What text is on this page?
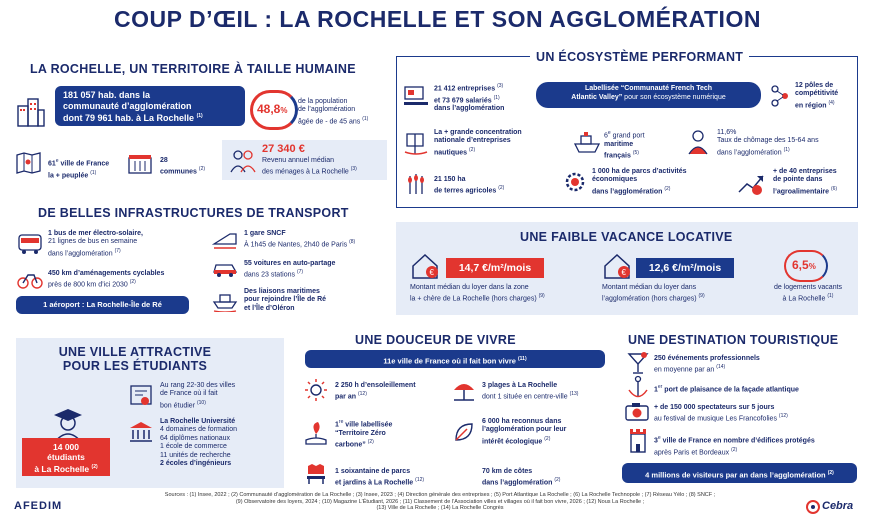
COUP D’ŒIL : LA ROCHELLE ET SON AGGLOMÉRATION
LA ROCHELLE, UN TERRITOIRE À TAILLE HUMAINE
181 057 hab. dans la
communauté d’agglomération
dont 79 961 hab. à La Rochelle $^{(1)}$	48,8%
de la population
de l’agglomération
âgée de - de 45 ans $^{(1)}$
61e ville de France
la + peuplée $^{(1)}$
28
communes $^{(2)}$
27 340 €
Revenu annuel médian
des ménages à La Rochelle $^{(3)}$
UN ÉCOSYSTÈME PERFORMANT
21 412 entreprises $^{(3)}$
et 73 679 salariés $^{(1)}$
dans l’agglomération
Labellisée “Communauté French Tech
Atlantic Valley” pour son écosystème numérique
12 pôles de
compétitivité
en région $^{(4)}$
La + grande concentration
nationale d’entreprises
nautiques $^{(2)}$
6e grand port
maritime
français $^{(5)}$
11,6%
Taux de chômage des 15-64 ans
dans l’agglomération $^{(1)}$
21 150 ha
de terres agricoles $^{(2)}$
1 000 ha de parcs d’activités
économiques
dans l’agglomération $^{(2)}$
+ de 40 entreprises
de pointe dans
l’agroalimentaire $^{(6)}$
DE BELLES INFRASTRUCTURES DE TRANSPORT
1 bus de mer électro-solaire,
21 lignes de bus en semaine
dans l’agglomération $^{(7)}$
450 km d’aménagements cyclables
près de 800 km d’ici 2030 $^{(2)}$
1 aéroport : La Rochelle-Île de Ré
1 gare SNCF
À 1h45 de Nantes, 2h40 de Paris $^{(8)}$
55 voitures en auto-partage
dans 23 stations $^{(7)}$
Des liaisons maritimes
pour rejoindre l’Île de Ré
et l’Île d’Oléron
UNE FAIBLE VACANCE LOCATIVE
€	14,7 €/m²/mois
Montant médian du loyer dans la zone
la + chère de La Rochelle (hors charges) $^{(9)}$
€	12,6 €/m²/mois
Montant médian du loyer dans
l’agglomération (hors charges) $^{(9)}$
6,5%
de logements vacants
à La Rochelle $^{(1)}$
UNE VILLE ATTRACTIVE
POUR LES ÉTUDIANTS
Au rang 22-30 des villes
de France où il fait
bon étudier $^{(10)}$
La Rochelle Université
4 domaines de formation
64 diplômes nationaux
1 école de commerce
11 unités de recherche
2 écoles d’ingénieurs
14 000
étudiants
à La Rochelle $^{(2)}$
UNE DOUCEUR DE VIVRE
11e ville de France où il fait bon vivre $^{(11)}$
2 250 h d’ensoleillement
par an $^{(12)}$
3 plages à La Rochelle
dont 1 située en centre-ville $^{(13)}$
1re ville labellisée
“Territoire Zéro
carbone” $^{(2)}$
6 000 ha reconnus dans
l’agglomération pour leur
intérêt écologique $^{(2)}$
1 soixantaine de parcs
et jardins à La Rochelle $^{(12)}$
70 km de côtes
dans l’agglomération $^{(2)}$
UNE DESTINATION TOURISTIQUE
250 événements professionnels
en moyenne par an $^{(14)}$
1er port de plaisance de la façade atlantique
+ de 150 000 spectateurs sur 5 jours
au festival de musique Les Francofolies $^{(12)}$
3e ville de France en nombre d’édifices protégés
après Paris et Bordeaux $^{(2)}$
4 millions de visiteurs par an dans l’agglomération $^{(2)}$
AFEDIM
Sources : (1) Insee, 2022 ; (2) Communauté d’agglomération de La Rochelle ; (3) Insee, 2023 ; (4) Direction générale des entreprises ; (5) Port Atlantique La Rochelle ; (6) La Rochelle Technopole ; (7) Réseau Yélo ; (8) SNCF ;
(9) Observatoire des loyers, 2024 ; (10) Magazine L’Étudiant, 2026 ; (11) Classement de l’Association villes et villages où il fait bon vivre, 2026 ; (12) Nous La Rochelle ;
(13) Ville de La Rochelle ; (14) La Rochelle Congrès	Cebra
